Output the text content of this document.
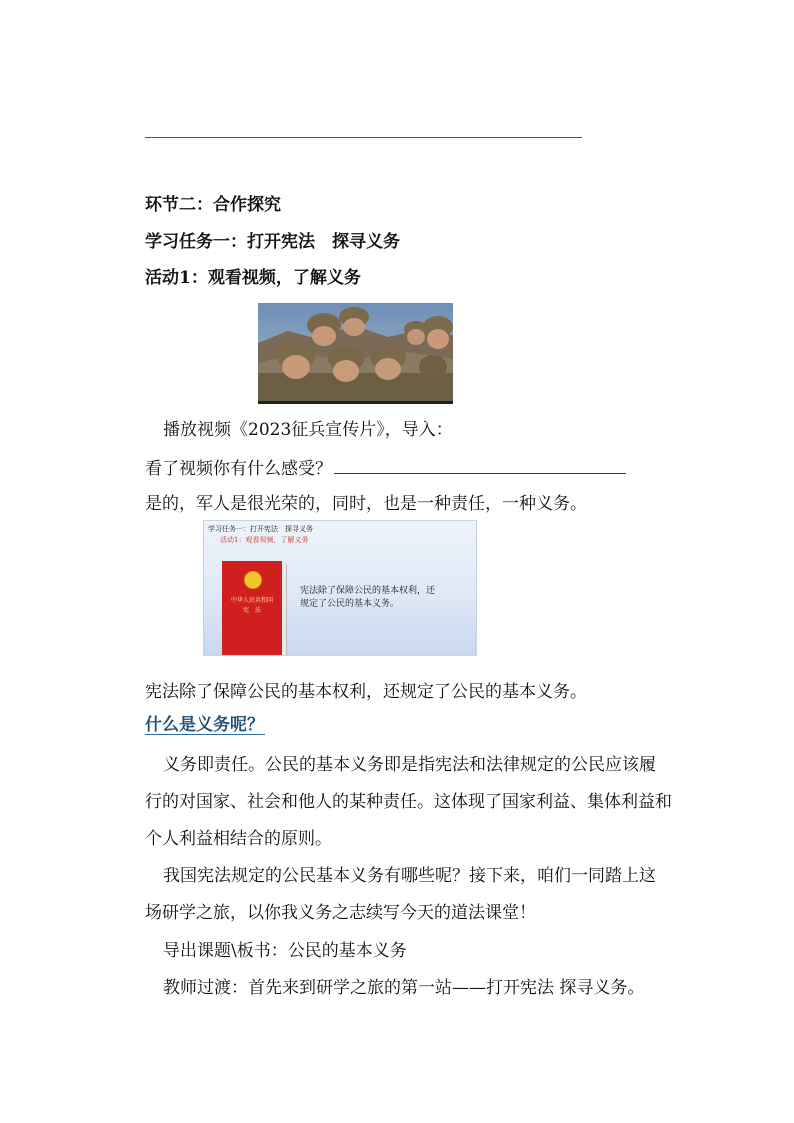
环节二：合作探究
学习任务一：打开宪法　探寻义务
活动1：观看视频，了解义务
播放视频《2023征兵宣传片》，导入：
看了视频你有什么感受？
是的，军人是很光荣的，同时，也是一种责任，一种义务。
学习任务一：打开宪法　探寻义务
活动1：观看视频，了解义务
中华人民共和国
宪　法
宪法除了保障公民的基本权利，还
规定了公民的基本义务。
宪法除了保障公民的基本权利，还规定了公民的基本义务。
什么是义务呢？
义务即责任。公民的基本义务即是指宪法和法律规定的公民应该履
行的对国家、社会和他人的某种责任。这体现了国家利益、集体利益和
个人利益相结合的原则。
我国宪法规定的公民基本义务有哪些呢？接下来，咱们一同踏上这
场研学之旅，以你我义务之志续写今天的道法课堂！
导出课题\板书：公民的基本义务
教师过渡：首先来到研学之旅的第一站——打开宪法 探寻义务。
